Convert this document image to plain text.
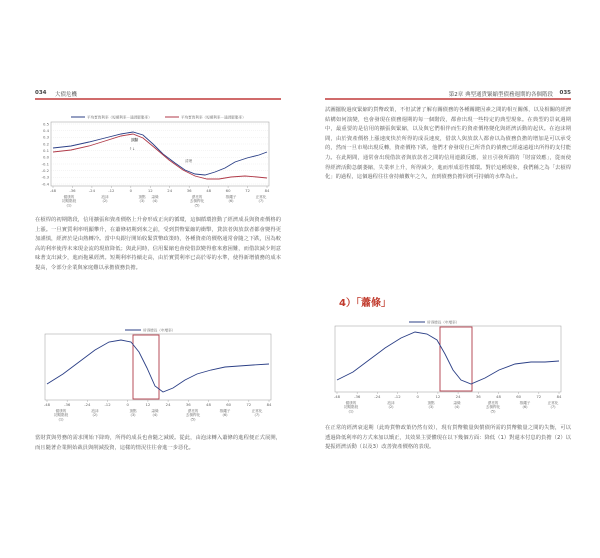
034 大債危機
平均實質利率（短期利率－通貨膨脹率）	平均實質利率（短期利率－通貨膨脹率）
0.5
0.4
0.3
0.2
0.1
0.0
-0.1
-0.2
-0.3
-0.4
頂點
↑↓
清理
-48	-36	-24	-12	0	12	24	36	48	60	72	84
健康的初期階段(1)
泡沫(2)
頂點(3)
蕭條(4)
漂亮的去槓桿化(5)
推繩子(6)
正常化(7)

在槓桿的初期階段，信用擴張和資產價格上升會形成正向的循環，這個循環推動了經濟成長與資產價格的上漲。一旦實質利率明顯攀升，在蕭條初期到來之前，受到貨幣緊縮的衝擊，貸款者與放款者都會變得更加謹慎，經濟於是由熱轉冷。當中央銀行開始收緊貨幣政策時，各種資產的價格通常會隨之下跌，因為較高的利率使得未來現金流的現值降低；與此同時，信用緊縮也會使借款變得愈來愈困難，而借款減少則意味著支出減少，進而拖累經濟。短期利率持續走高，由於實質利率已高於零的水準，使得新增債務的成本提高，令部分企業與家庭難以承擔債務負擔。

所得增長（年增率）
-48	-36	-24	-12	0	12	24	36	48	60	72	84
健康的初期階段(1)
泡沫(2)
頂點(3)
蕭條(4)
漂亮的去槓桿化(5)
推繩子(6)
正常化(7)

當財貨與勞務的需求開始下降時，所得的成長也會隨之減緩。從此，由泡沫轉入蕭條的進程便正式展開，而且隨著企業開始裁員與削減投資，這樣的情況往往會進一步惡化。

035
第2章 典型通貨緊縮型債務週期的各個階段

試圖擺脫過度緊縮的貨幣政策，不但試著了解有關債務的各種關鍵因素之間的相互關係，以及相關的經濟結構如何演變，也會發現在債務週期的每一個階段，都會出現一些特定的典型現象。在典型的景氣週期中，最重要的是信用的擴張與緊縮，以及與它們相伴而生的資產價格變化與經濟活動的起伏。在泡沫期間，由於資產價格上漲速度快於所得的成長速度，借款人與放款人都會以為債務負擔的增加是可以承受的，然而一旦市場出現反轉，資產價格下跌，他們才會發現自己所背負的債務已經遠遠超出所得的支付能力。在此期間，通常會出現借款者與放款者之間的信用連鎖反應，並且引發所謂的「財富效應」，從而使得經濟活動急劇萎縮，失業率上升，所得減少，進而形成惡性循環。對於這種現象，我們稱之為「去槓桿化」的過程，這個過程往往會持續數年之久，直到債務負擔回到可持續的水準為止。

4）「蕭條」
所得增長（年增率）
-48	-36	-24	-12	0	12	24	36	48	60	72	84
健康的初期階段(1)
泡沫(2)
頂點(3)
蕭條(4)
漂亮的去槓桿化(5)
推繩子(6)
正常化(7)

在正常的經濟衰退期（此時貨幣政策仍然有效），現有貨幣數量與償債所需的貨幣數量之間的失衡，可以透過降低利率的方式來加以矯正，其效果主要體現在以下幾個方面：降低（1）對還本付息的負擔（2）以提振經濟活動（以及3）改善資產價格的表現。
